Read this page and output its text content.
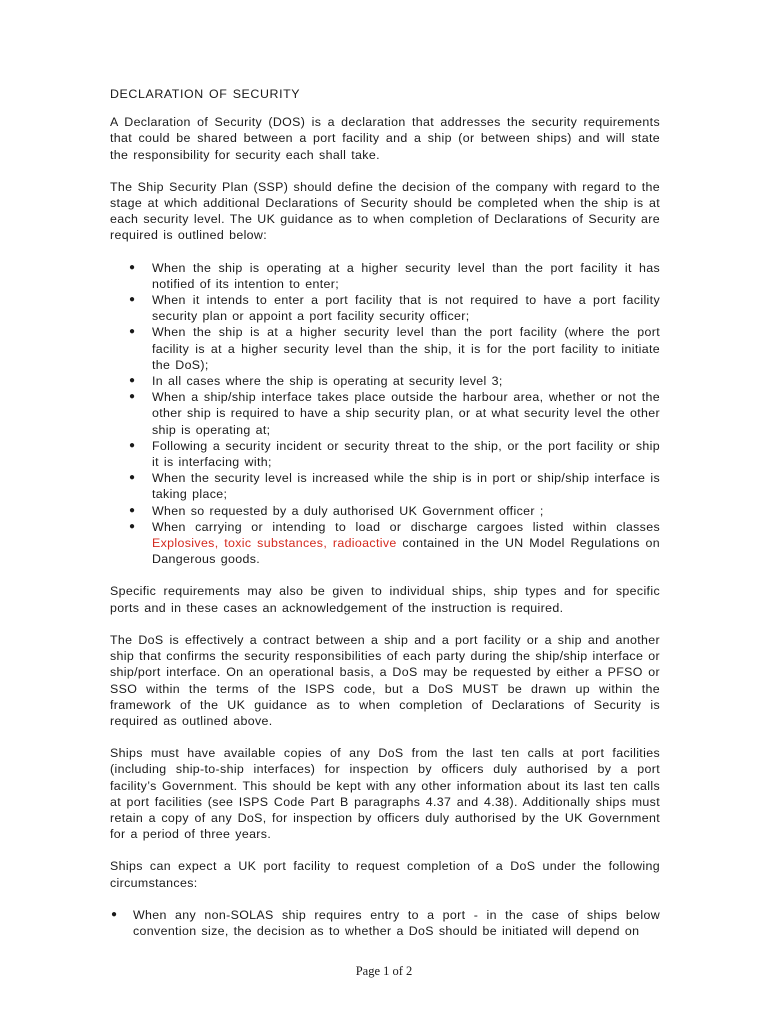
DECLARATION OF SECURITY

A Declaration of Security (DOS) is a declaration that addresses the security requirements that could be shared between a port facility and a ship (or between ships) and will state the responsibility for security each shall take.

The Ship Security Plan (SSP) should define the decision of the company with regard to the stage at which additional Declarations of Security should be completed when the ship is at each security level. The UK guidance as to when completion of Declarations of Security are required is outlined below:

● When the ship is operating at a higher security level than the port facility it has notified of its intention to enter;
● When it intends to enter a port facility that is not required to have a port facility security plan or appoint a port facility security officer;
● When the ship is at a higher security level than the port facility (where the port facility is at a higher security level than the ship, it is for the port facility to initiate the DoS);
● In all cases where the ship is operating at security level 3;
● When a ship/ship interface takes place outside the harbour area, whether or not the other ship is required to have a ship security plan, or at what security level the other ship is operating at;
● Following a security incident or security threat to the ship, or the port facility or ship it is interfacing with;
● When the security level is increased while the ship is in port or ship/ship interface is taking place;
● When so requested by a duly authorised UK Government officer ;
● When carrying or intending to load or discharge cargoes listed within classes Explosives, toxic substances, radioactive contained in the UN Model Regulations on Dangerous goods.

Specific requirements may also be given to individual ships, ship types and for specific ports and in these cases an acknowledgement of the instruction is required.

The DoS is effectively a contract between a ship and a port facility or a ship and another ship that confirms the security responsibilities of each party during the ship/ship interface or ship/port interface. On an operational basis, a DoS may be requested by either a PFSO or SSO within the terms of the ISPS code, but a DoS MUST be drawn up within the framework of the UK guidance as to when completion of Declarations of Security is required as outlined above.

Ships must have available copies of any DoS from the last ten calls at port facilities (including ship-to-ship interfaces) for inspection by officers duly authorised by a port facility’s Government. This should be kept with any other information about its last ten calls at port facilities (see ISPS Code Part B paragraphs 4.37 and 4.38). Additionally ships must retain a copy of any DoS, for inspection by officers duly authorised by the UK Government for a period of three years.

Ships can expect a UK port facility to request completion of a DoS under the following circumstances:

● When any non-SOLAS ship requires entry to a port - in the case of ships below convention size, the decision as to whether a DoS should be initiated will depend on
Page 1 of 2
